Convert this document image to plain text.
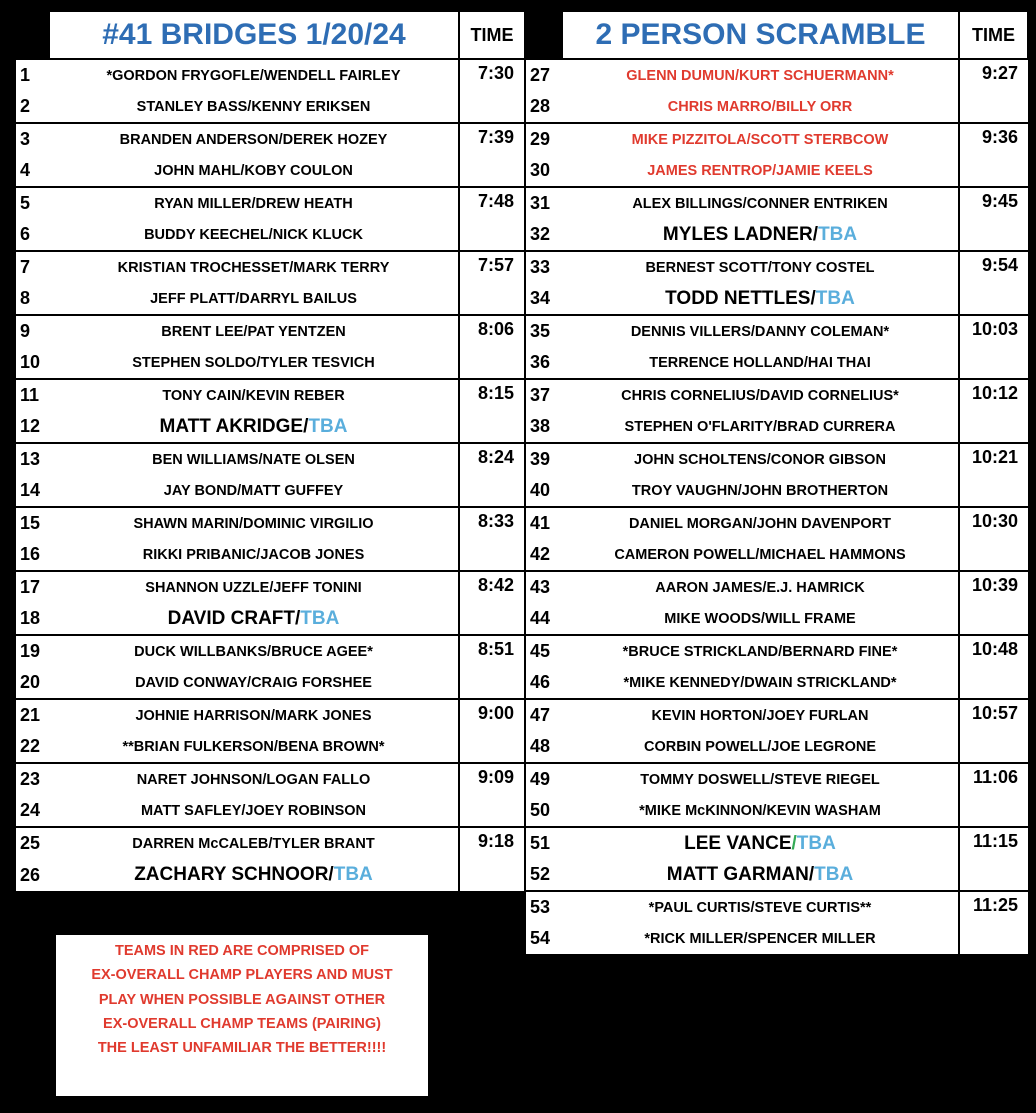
	#41 BRIDGES 1/20/24	TIME		2 PERSON SCRAMBLE	TIME
1	*GORDON FRYGOFLE/WENDELL FAIRLEY	7:30	27	GLENN DUMUN/KURT SCHUERMANN*	9:27
2	STANLEY BASS/KENNY ERIKSEN		28	CHRIS MARRO/BILLY ORR	
3	BRANDEN ANDERSON/DEREK HOZEY	7:39	29	MIKE PIZZITOLA/SCOTT STERBCOW	9:36
4	JOHN MAHL/KOBY COULON		30	JAMES RENTROP/JAMIE KEELS	
5	RYAN MILLER/DREW HEATH	7:48	31	ALEX BILLINGS/CONNER ENTRIKEN	9:45
6	BUDDY KEECHEL/NICK KLUCK		32	MYLES LADNER/TBA	
7	KRISTIAN TROCHESSET/MARK TERRY	7:57	33	BERNEST SCOTT/TONY COSTEL	9:54
8	JEFF PLATT/DARRYL BAILUS		34	TODD NETTLES/TBA	
9	BRENT LEE/PAT YENTZEN	8:06	35	DENNIS VILLERS/DANNY COLEMAN*	10:03
10	STEPHEN SOLDO/TYLER TESVICH		36	TERRENCE HOLLAND/HAI THAI	
11	TONY CAIN/KEVIN REBER	8:15	37	CHRIS CORNELIUS/DAVID CORNELIUS*	10:12
12	MATT AKRIDGE/TBA		38	STEPHEN O'FLARITY/BRAD CURRERA	
13	BEN WILLIAMS/NATE OLSEN	8:24	39	JOHN SCHOLTENS/CONOR GIBSON	10:21
14	JAY BOND/MATT GUFFEY		40	TROY VAUGHN/JOHN BROTHERTON	
15	SHAWN MARIN/DOMINIC VIRGILIO	8:33	41	DANIEL MORGAN/JOHN DAVENPORT	10:30
16	RIKKI PRIBANIC/JACOB JONES		42	CAMERON POWELL/MICHAEL HAMMONS	
17	SHANNON UZZLE/JEFF TONINI	8:42	43	AARON JAMES/E.J. HAMRICK	10:39
18	DAVID CRAFT/TBA		44	MIKE WOODS/WILL FRAME	
19	DUCK WILLBANKS/BRUCE AGEE*	8:51	45	*BRUCE STRICKLAND/BERNARD FINE*	10:48
20	DAVID CONWAY/CRAIG FORSHEE		46	*MIKE KENNEDY/DWAIN STRICKLAND*	
21	JOHNIE HARRISON/MARK JONES	9:00	47	KEVIN HORTON/JOEY FURLAN	10:57
22	**BRIAN FULKERSON/BENA BROWN*		48	CORBIN POWELL/JOE LEGRONE	
23	NARET JOHNSON/LOGAN FALLO	9:09	49	TOMMY DOSWELL/STEVE RIEGEL	11:06
24	MATT SAFLEY/JOEY ROBINSON		50	*MIKE McKINNON/KEVIN WASHAM	
25	DARREN McCALEB/TYLER BRANT	9:18	51	LEE VANCE/TBA	11:15
26	ZACHARY SCHNOOR/TBA		52	MATT GARMAN/TBA	
			53	*PAUL CURTIS/STEVE CURTIS**	11:25
			54	*RICK MILLER/SPENCER MILLER	
TEAMS IN RED ARE COMPRISED OF
EX-OVERALL CHAMP PLAYERS AND MUST
PLAY WHEN POSSIBLE AGAINST OTHER
EX-OVERALL CHAMP TEAMS (PAIRING)
THE LEAST UNFAMILIAR THE BETTER!!!!
